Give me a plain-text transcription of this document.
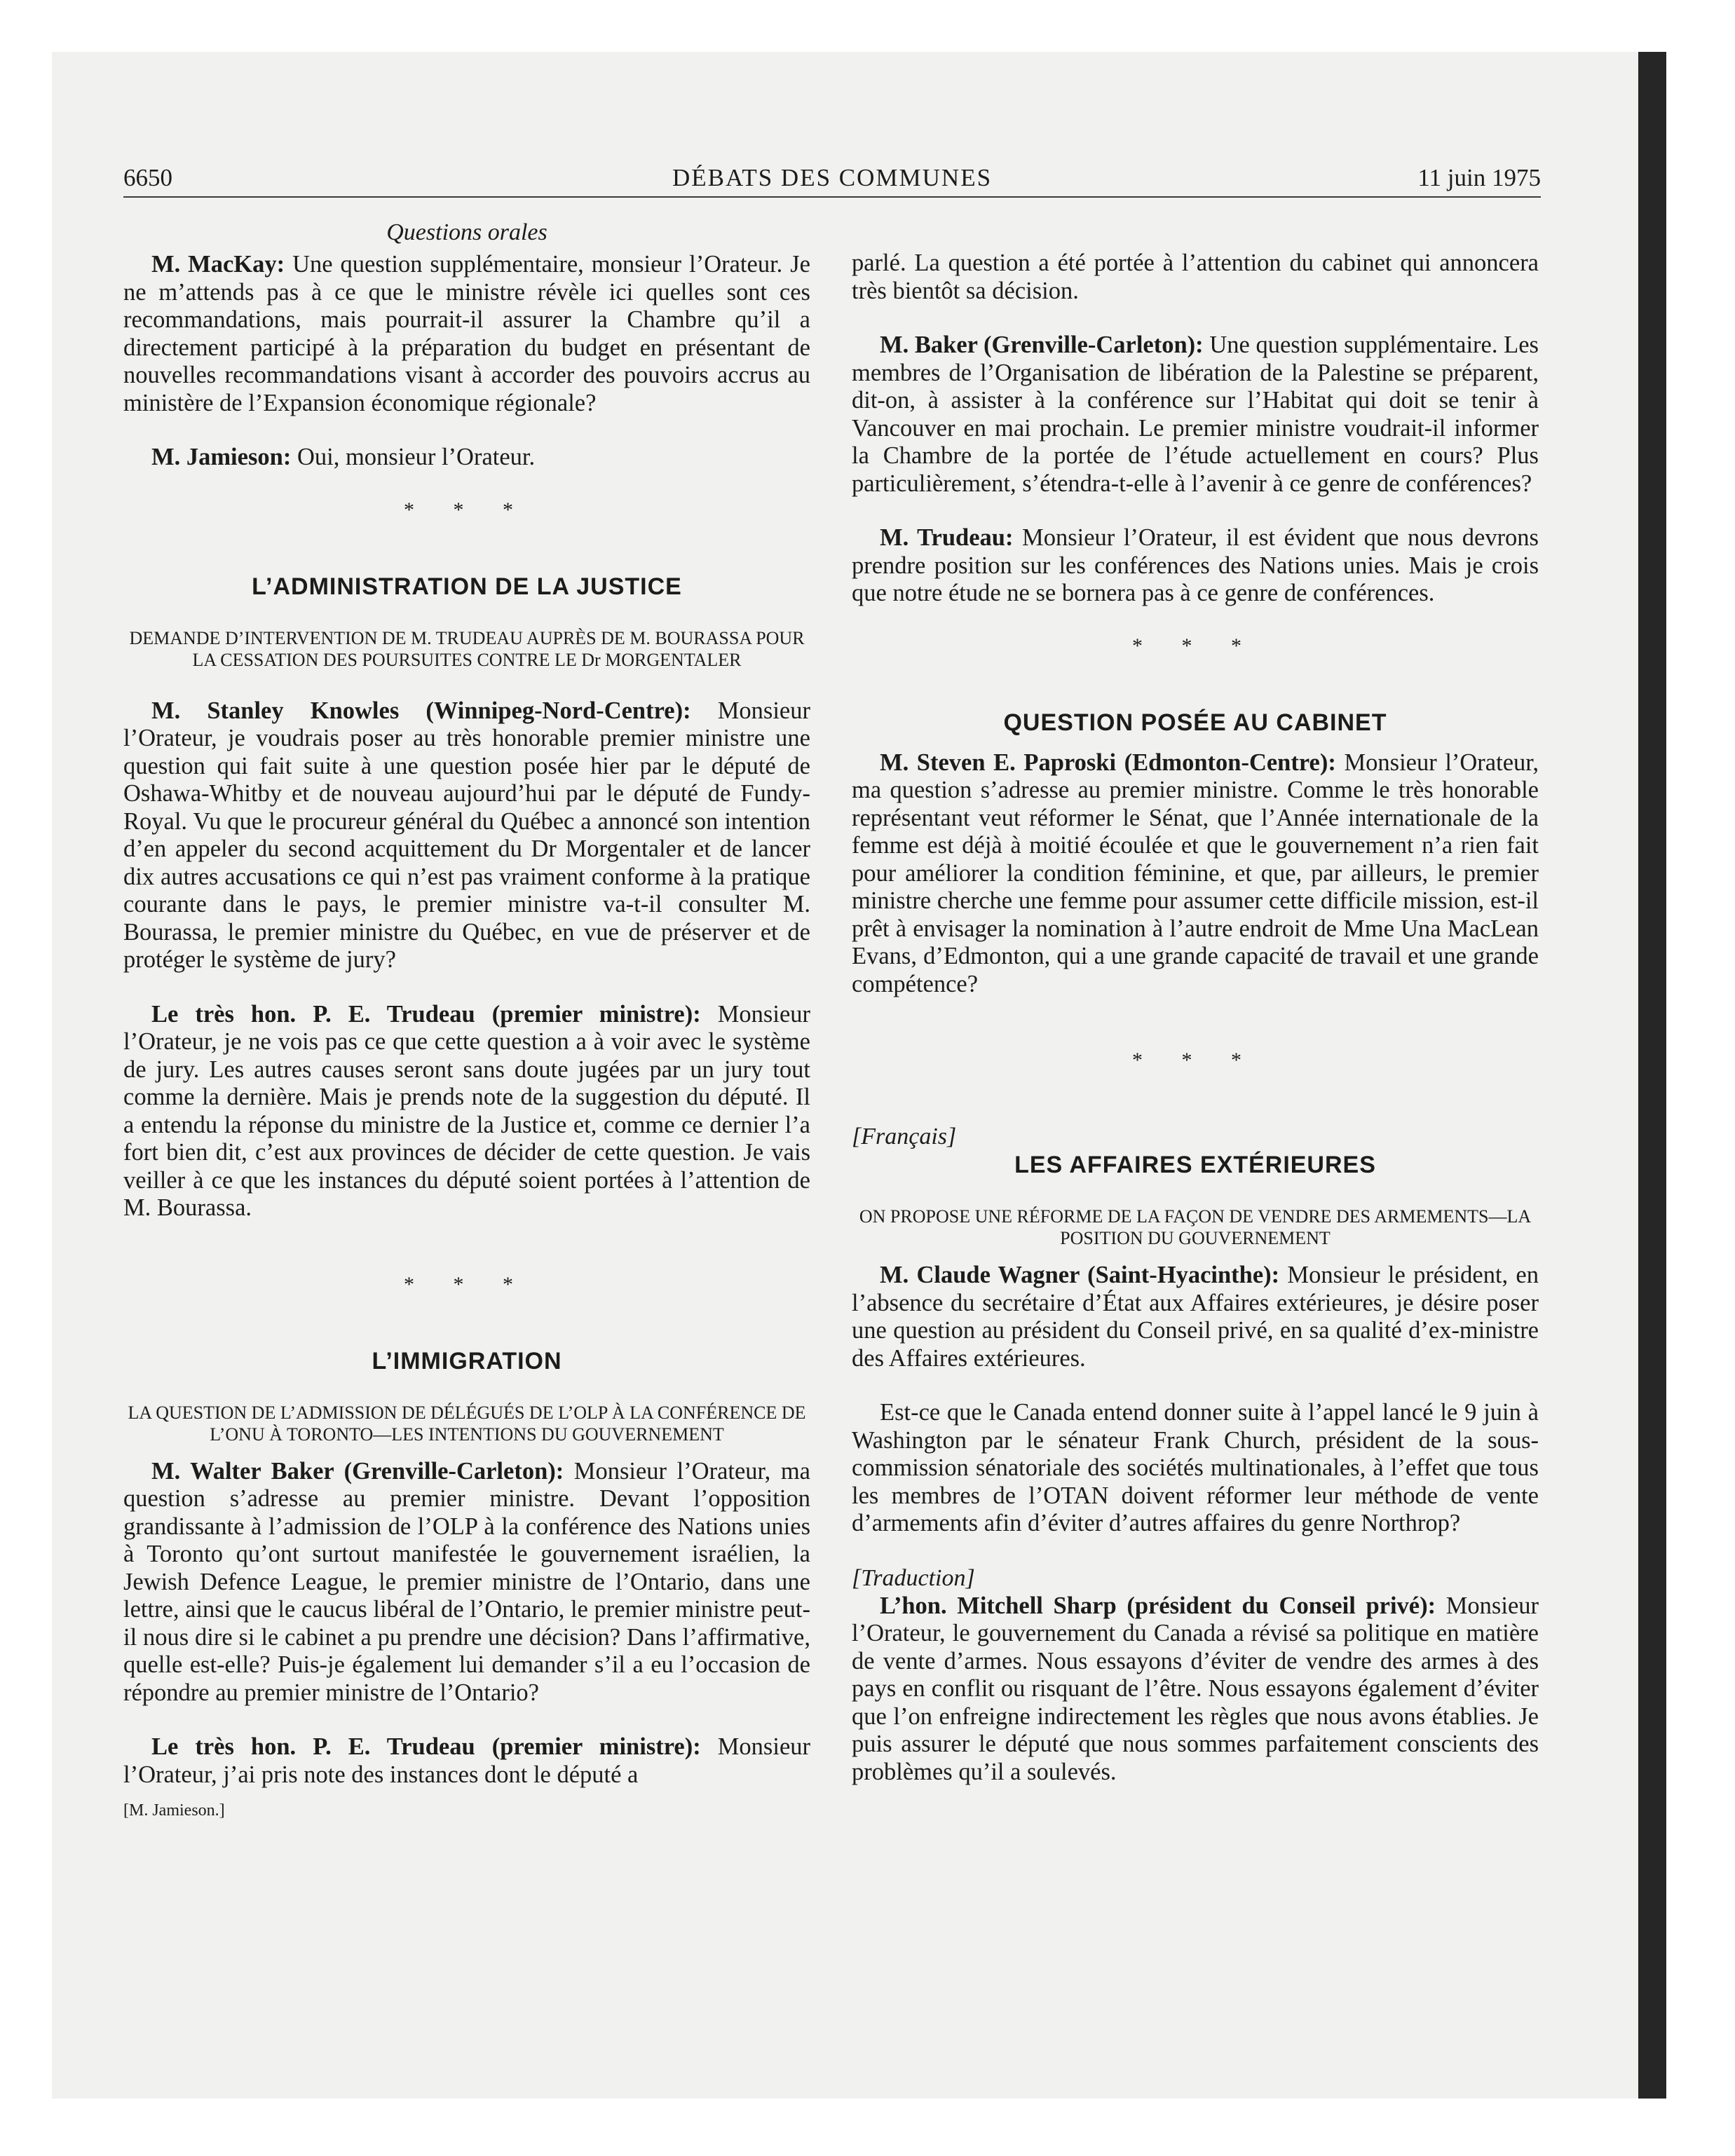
6650	DÉBATS DES COMMUNES	11 juin 1975
Questions orales

M. MacKay: Une question supplémentaire, monsieur l’Orateur. Je ne m’attends pas à ce que le ministre révèle ici quelles sont ces recommandations, mais pourrait-il assurer la Chambre qu’il a directement participé à la préparation du budget en présentant de nouvelles recommandations visant à accorder des pouvoirs accrus au ministère de l’Expansion économique régionale?

M. Jamieson: Oui, monsieur l’Orateur.

* * *

L’ADMINISTRATION DE LA JUSTICE

DEMANDE D’INTERVENTION DE M. TRUDEAU AUPRÈS DE M. BOURASSA POUR LA CESSATION DES POURSUITES CONTRE LE Dr MORGENTALER

M. Stanley Knowles (Winnipeg-Nord-Centre): Monsieur l’Orateur, je voudrais poser au très honorable premier ministre une question qui fait suite à une question posée hier par le député de Oshawa-Whitby et de nouveau aujourd’hui par le député de Fundy-Royal. Vu que le procureur général du Québec a annoncé son intention d’en appeler du second acquittement du Dr Morgentaler et de lancer dix autres accusations ce qui n’est pas vraiment conforme à la pratique courante dans le pays, le premier ministre va-t-il consulter M. Bourassa, le premier ministre du Québec, en vue de préserver et de protéger le système de jury?

Le très hon. P. E. Trudeau (premier ministre): Monsieur l’Orateur, je ne vois pas ce que cette question a à voir avec le système de jury. Les autres causes seront sans doute jugées par un jury tout comme la dernière. Mais je prends note de la suggestion du député. Il a entendu la réponse du ministre de la Justice et, comme ce dernier l’a fort bien dit, c’est aux provinces de décider de cette question. Je vais veiller à ce que les instances du député soient portées à l’attention de M. Bourassa.

* * *

L’IMMIGRATION

LA QUESTION DE L’ADMISSION DE DÉLÉGUÉS DE L’OLP À LA CONFÉRENCE DE L’ONU À TORONTO—LES INTENTIONS DU GOUVERNEMENT

M. Walter Baker (Grenville-Carleton): Monsieur l’Orateur, ma question s’adresse au premier ministre. Devant l’opposition grandissante à l’admission de l’OLP à la conférence des Nations unies à Toronto qu’ont surtout manifestée le gouvernement israélien, la Jewish Defence League, le premier ministre de l’Ontario, dans une lettre, ainsi que le caucus libéral de l’Ontario, le premier ministre peut-il nous dire si le cabinet a pu prendre une décision? Dans l’affirmative, quelle est-elle? Puis-je également lui demander s’il a eu l’occasion de répondre au premier ministre de l’Ontario?

Le très hon. P. E. Trudeau (premier ministre): Monsieur l’Orateur, j’ai pris note des instances dont le député a

[M. Jamieson.]

parlé. La question a été portée à l’attention du cabinet qui annoncera très bientôt sa décision.

M. Baker (Grenville-Carleton): Une question supplémentaire. Les membres de l’Organisation de libération de la Palestine se préparent, dit-on, à assister à la conférence sur l’Habitat qui doit se tenir à Vancouver en mai prochain. Le premier ministre voudrait-il informer la Chambre de la portée de l’étude actuellement en cours? Plus particulièrement, s’étendra-t-elle à l’avenir à ce genre de conférences?

M. Trudeau: Monsieur l’Orateur, il est évident que nous devrons prendre position sur les conférences des Nations unies. Mais je crois que notre étude ne se bornera pas à ce genre de conférences.

* * *

QUESTION POSÉE AU CABINET

M. Steven E. Paproski (Edmonton-Centre): Monsieur l’Orateur, ma question s’adresse au premier ministre. Comme le très honorable représentant veut réformer le Sénat, que l’Année internationale de la femme est déjà à moitié écoulée et que le gouvernement n’a rien fait pour améliorer la condition féminine, et que, par ailleurs, le premier ministre cherche une femme pour assumer cette difficile mission, est-il prêt à envisager la nomination à l’autre endroit de Mme Una MacLean Evans, d’Edmonton, qui a une grande capacité de travail et une grande compétence?

* * *

[Français]

LES AFFAIRES EXTÉRIEURES

ON PROPOSE UNE RÉFORME DE LA FAÇON DE VENDRE DES ARMEMENTS—LA POSITION DU GOUVERNEMENT

M. Claude Wagner (Saint-Hyacinthe): Monsieur le président, en l’absence du secrétaire d’État aux Affaires extérieures, je désire poser une question au président du Conseil privé, en sa qualité d’ex-ministre des Affaires extérieures.

Est-ce que le Canada entend donner suite à l’appel lancé le 9 juin à Washington par le sénateur Frank Church, président de la sous-commission sénatoriale des sociétés multinationales, à l’effet que tous les membres de l’OTAN doivent réformer leur méthode de vente d’armements afin d’éviter d’autres affaires du genre Northrop?

[Traduction]

L’hon. Mitchell Sharp (président du Conseil privé): Monsieur l’Orateur, le gouvernement du Canada a révisé sa politique en matière de vente d’armes. Nous essayons d’éviter de vendre des armes à des pays en conflit ou risquant de l’être. Nous essayons également d’éviter que l’on enfreigne indirectement les règles que nous avons établies. Je puis assurer le député que nous sommes parfaitement conscients des problèmes qu’il a soulevés.
